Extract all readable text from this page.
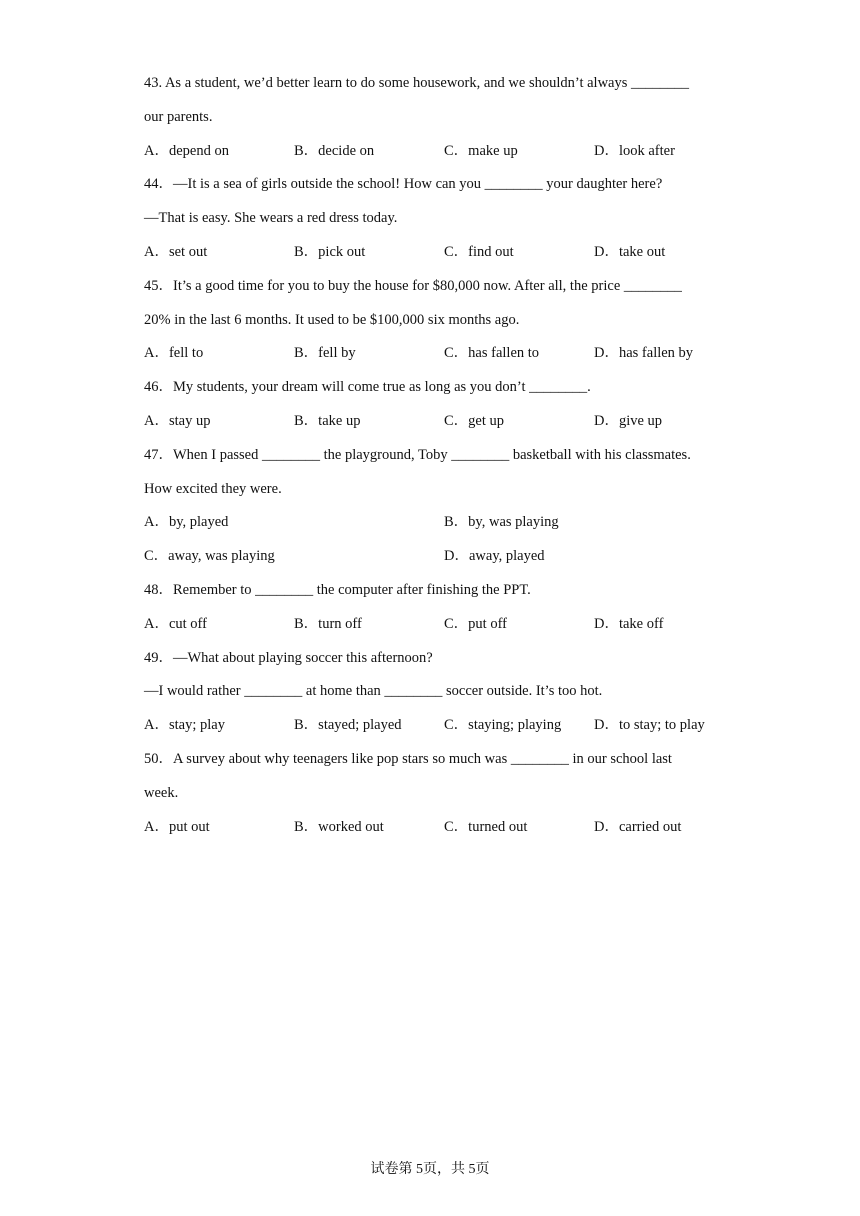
43. As a student, we’d better learn to do some housework, and we shouldn’t always ________
our parents.
A．depend on	B．decide on	C．make up	D．look after
44．—It is a sea of girls outside the school! How can you ________ your daughter here?
—That is easy. She wears a red dress today.
A．set out	B．pick out	C．find out	D．take out
45．It’s a good time for you to buy the house for $80,000 now. After all, the price ________
20% in the last 6 months. It used to be $100,000 six months ago.
A．fell to	B．fell by	C．has fallen to	D．has fallen by
46．My students, your dream will come true as long as you don’t ________.
A．stay up	B．take up	C．get up	D．give up
47．When I passed ________ the playground, Toby ________ basketball with his classmates.
How excited they were.
A．by, played	B．by, was playing
C．away, was playing	D．away, played
48．Remember to ________ the computer after finishing the PPT.
A．cut off	B．turn off	C．put off	D．take off
49．—What about playing soccer this afternoon?
—I would rather ________ at home than ________ soccer outside. It’s too hot.
A．stay; play	B．stayed; played	C．staying; playing	D．to stay; to play
50．A survey about why teenagers like pop stars so much was ________ in our school last
week.
A．put out	B．worked out	C．turned out	D．carried out
试卷第 5页，共 5页
